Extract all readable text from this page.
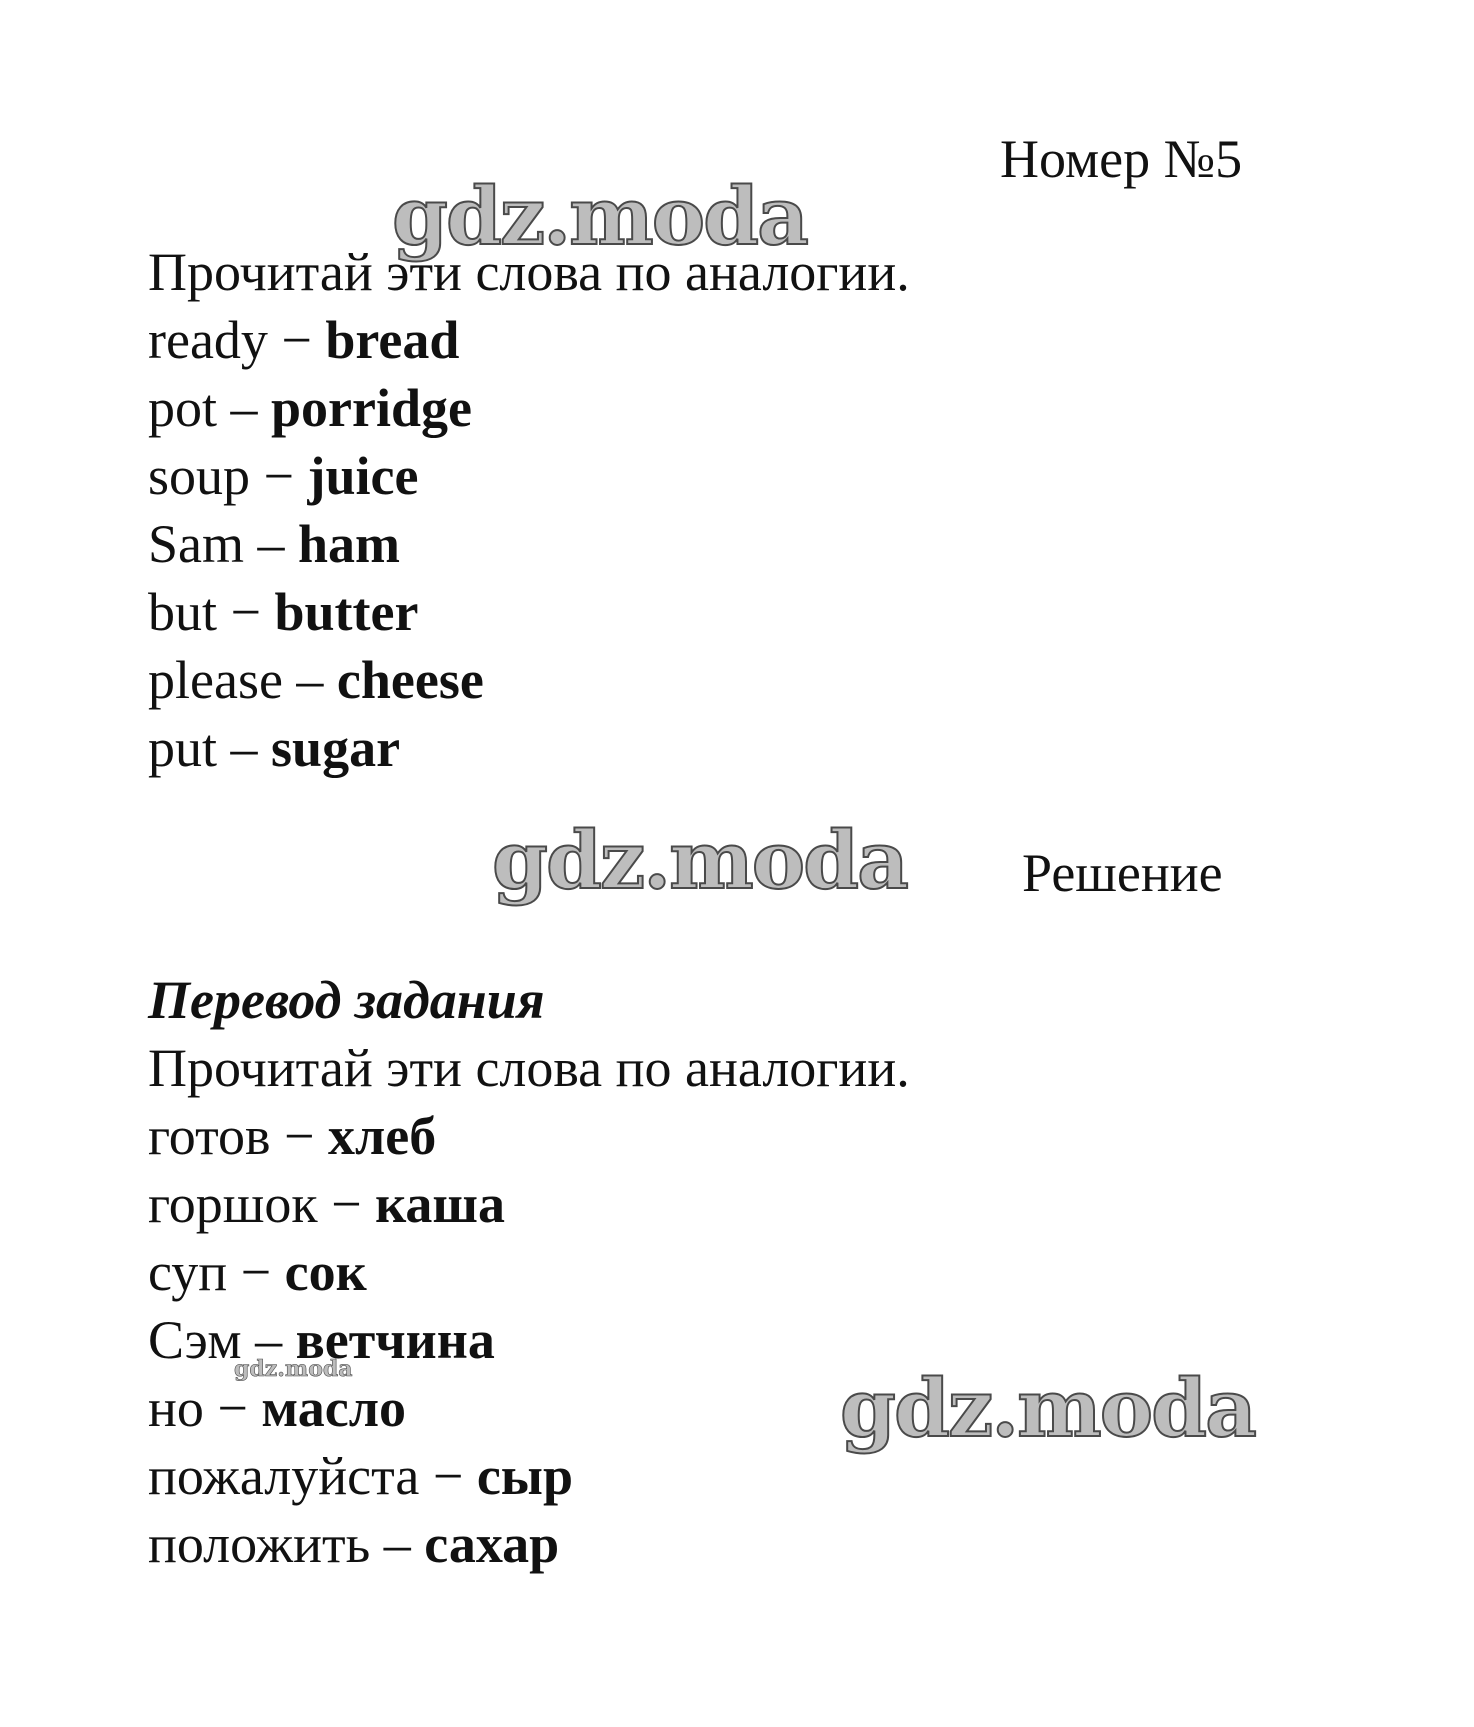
Номер №5
gdz.moda
Прочитай эти слова по аналогии.
ready − bread
pot – porridge
soup − juice
Sam – ham
but − butter
please – cheese
put – sugar
gdz.moda Решение
Перевод задания
Прочитай эти слова по аналогии.
готов − хлеб
горшок − каша
суп − сок
Сэм – ветчина
но − масло
пожалуйста − сыр
положить – сахар
gdz.moda	gdz.moda
